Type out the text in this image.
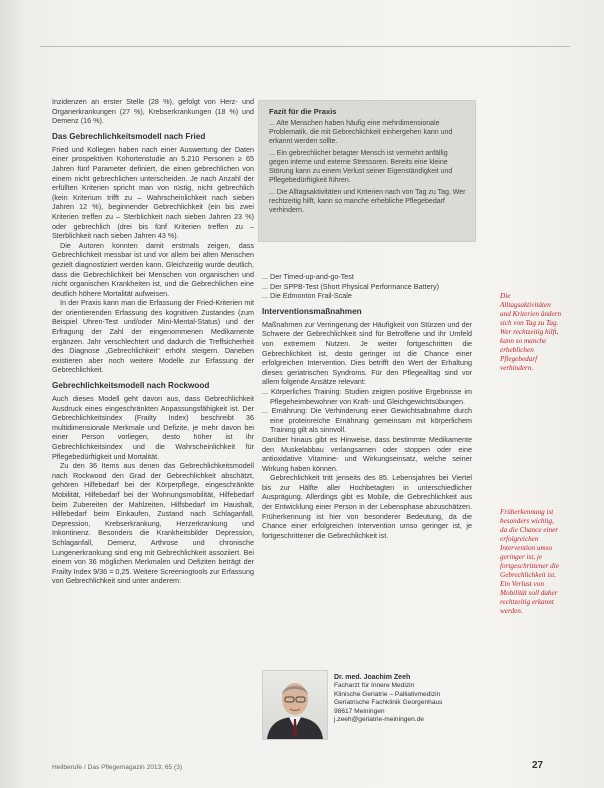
Inzidenzen an erster Stelle (28 %), gefolgt von Herz- und Organerkrankungen (27 %), Krebserkrankungen (18 %) und Demenz (16 %).

Das Gebrechlichkeitsmodell nach Fried

Fried und Kollegen haben nach einer Auswertung der Daten einer prospektiven Kohortenstudie an 5.210 Personen ≥ 65 Jahren fünf Parameter definiert, die einen gebrechlichen von einem nicht gebrechlichen unterscheiden. Je nach Anzahl der erfüllten Kriterien spricht man von rüstig, nicht gebrechlich (kein Kriterium trifft zu – Wahrscheinlichkeit nach sieben Jahren 12 %), beginnender Gebrechlichkeit (ein bis zwei Kriterien treffen zu – Sterblichkeit nach sieben Jahren 23 %) oder gebrechlich (drei bis fünf Kriterien treffen zu – Sterblichkeit nach sieben Jahren 43 %).

Die Autoren konnten damit erstmals zeigen, dass Gebrechlichkeit messbar ist und vor allem bei alten Menschen gezielt diagnostiziert werden kann. Gleichzeitig wurde deutlich, dass die Gebrechlichkeit bei Menschen von organischen und nicht organischen Krankheiten ist, und die Gebrechlichen eine deutlich höhere Mortalität aufweisen.

In der Praxis kann man die Erfassung der Fried-Kriterien mit der orientierenden Erfassung des kognitiven Zustandes (zum Beispiel Uhren-Test und/oder Mini-Mental-Status) und der Erfragung der Zahl der eingenommenen Medikamente ergänzen. Jahr verschlechtert und dadurch die Treffsicherheit des Diagnose „Gebrechlichkeit“ erhöht steigern. Daneben existieren aber noch weitere Modelle zur Erfassung der Gebrechlichkeit.

Gebrechlichkeitsmodell nach Rockwood

Auch dieses Modell geht davon aus, dass Gebrechlichkeit Ausdruck eines eingeschränkten Anpassungsfähigkeit ist. Der Gebrechlichkeitsindex (Frailty Index) beschreibt 36 multidimensionale Merkmale und Defizite, je mehr davon bei einer Person vorliegen, desto höher ist ihr Gebrechlichkeitsindex und die Wahrscheinlichkeit für Pflegebedürftigkeit und Mortalität.

Zu den 36 Items aus denen das Gebrechlichkeitsmodell nach Rockwood den Grad der Gebrechlichkeit abschätzt, gehören Hilfebedarf bei der Körperpflege, eingeschränkte Mobilität, Hilfebedarf bei der Wohnungsmobilität, Hilfebedarf beim Zubereiten der Mahlzeiten, Hilfsbedarf im Haushalt, Hilfebedarf beim Einkaufen, Zustand nach Schlaganfall, Depression, Krebserkrankung, Herzerkrankung und Inkontinenz. Besonders die Krankheitsbilder Depression, Schlaganfall, Demenz, Arthrose und chronische Lungenerkrankung sind eng mit Gebrechlichkeit assoziiert. Bei einem von 36 möglichen Merkmalen und Defiziten beträgt der Frailty Index 9/36 = 0,25. Weitere Screeningtools zur Erfassung von Gebrechlichkeit sind unter anderem:

Fazit für die Praxis
... Alte Menschen haben häufig eine mehrdimensionale Problematik, die mit Gebrechlichkeit einhergehen kann und erkannt werden sollte.
... Ein gebrechlicher betagter Mensch ist vermehrt anfällig gegen interne und externe Stressoren. Bereits eine kleine Störung kann zu einem Verlust seiner Eigenständigkeit und Pflegebedürftigkeit führen.
... Die Alltagsaktivitäten und Kriterien nach von Tag zu Tag. Wer rechtzeitig hilft, kann so manche erhebliche Pflegebedarf verhindern.
... Der Timed-up-and-go-Test
... Der SPPB-Test (Short Physical Performance Battery)
... Die Edmonton Frail-Scale
Interventionsmaßnahmen

Maßnahmen zur Verringerung der Häufigkeit von Stürzen und der Schwere der Gebrechlichkeit sind für Betroffene und ihr Umfeld von extremem Nutzen. Je weiter fortgeschritten die Gebrechlichkeit ist, desto geringer ist die Chance einer erfolgreichen Intervention. Dies betrifft den Wert der Erhaltung dieses geriatrischen Syndroms. Für den Pflegealltag sind vor allem folgende Ansätze relevant:

... Körperliches Training: Studien zeigten positive Ergebnisse im Pflegeheimbewohner von Kraft- und Gleichgewichtsübungen.
... Ernährung: Die Verhinderung einer Gewichtsabnahme durch eine proteinreiche Ernährung gemeinsam mit körperlichem Training gilt als sinnvoll.

Darüber hinaus gibt es Hinweise, dass bestimmte Medikamente den Muskelabbau verlangsamen oder stoppen oder eine antioxidative Vitamine- und Wirkungseinsatz, welche seiner Wirkung haben können.

Gebrechlichkeit tritt jenseits des 85. Lebensjahres bei Viertel bis zur Hälfte aller Hochbetagten in unterschiedlicher Ausprägung. Allerdings gibt es Mobile, die Gebrechlichkeit aus der Entwicklung einer Person in der Lebensphase abzuschätzen. Früherkennung ist hier von besonderer Bedeutung, da die Chance einer erfolgreichen Intervention umso geringer ist, je fortgeschrittener die Gebrechlichkeit ist.

Die Alltagsaktivitäten und Kriterien ändern sich von Tag zu Tag. Wer rechtzeitig hilft, kann so manche erheblichen Pflegebedarf verhindern.
Früherkennung ist besonders wichtig, da die Chance einer erfolgreichen Intervention umso geringer ist, je fortgeschrittener die Gebrechlichkeit ist. Ein Verlust von Mobilität soll daher rechtzeitig erkannt werden.
Dr. med. Joachim Zeeh
Facharzt für Innere Medizin
Klinische Geriatrie – Palliativmedizin
Geriatrische Fachklinik Georgenhaus
98617 Meiningen
j.zeeh@geriatrie-meiningen.de
Heilberufe / Das Pflegemagazin 2013; 65 (3)	27
